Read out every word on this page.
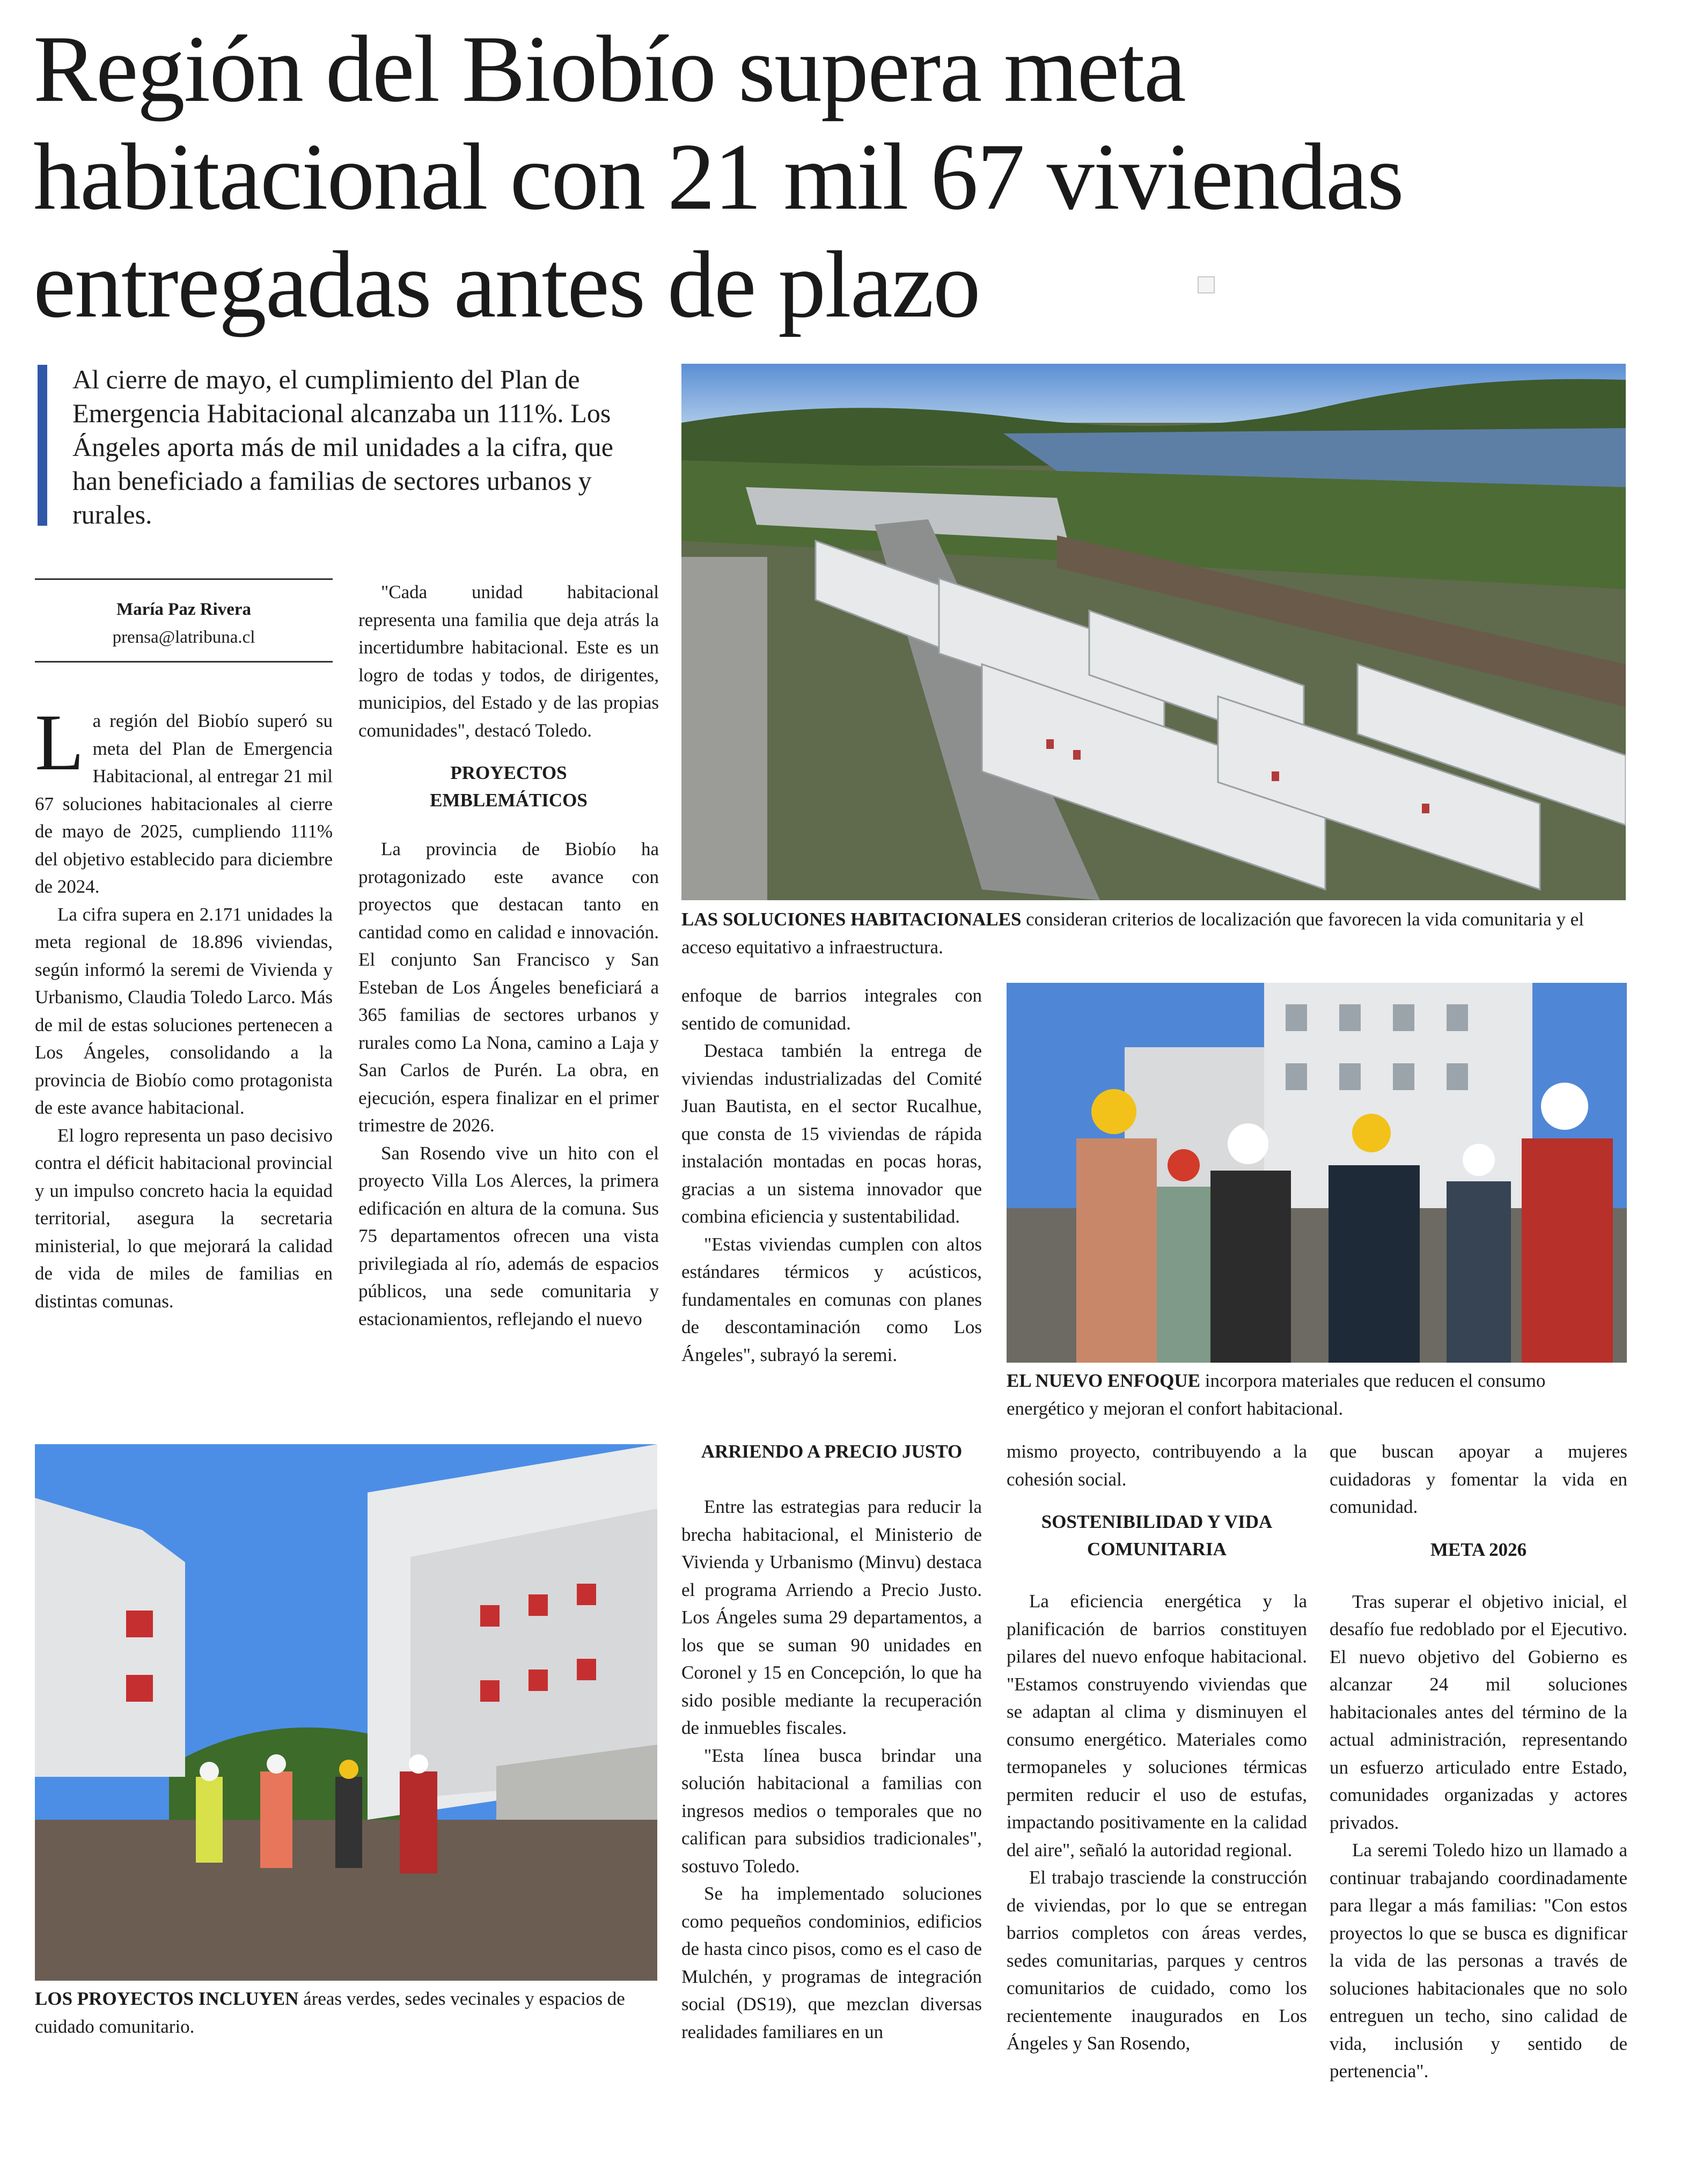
Región del Biobío supera meta
habitacional con 21 mil 67 viviendas
entregadas antes de plazo

Al cierre de mayo, el cumplimiento del Plan de Emergencia Habitacional alcanzaba un 111%. Los Ángeles aporta más de mil unidades a la cifra, que han beneficiado a familias de sectores urbanos y rurales.

María Paz Rivera
prensa@latribuna.cl

La región del Biobío superó su meta del Plan de Emergencia Habitacional, al entregar 21 mil 67 soluciones habitacionales al cierre de mayo de 2025, cumpliendo 111% del objetivo establecido para diciembre de 2024.

La cifra supera en 2.171 unidades la meta regional de 18.896 viviendas, según informó la seremi de Vivienda y Urbanismo, Claudia Toledo Larco. Más de mil de estas soluciones pertenecen a Los Ángeles, consolidando a la provincia de Biobío como protagonista de este avance habitacional.

El logro representa un paso decisivo contra el déficit habitacional provincial y un impulso concreto hacia la equidad territorial, asegura la secretaria ministerial, lo que mejorará la calidad de vida de miles de familias en distintas comunas.

"Cada unidad habitacional representa una familia que deja atrás la incertidumbre habitacional. Este es un logro de todas y todos, de dirigentes, municipios, del Estado y de las propias comunidades", destacó Toledo.

PROYECTOS EMBLEMÁTICOS

La provincia de Biobío ha protagonizado este avance con proyectos que destacan tanto en cantidad como en calidad e innovación. El conjunto San Francisco y San Esteban de Los Ángeles beneficiará a 365 familias de sectores urbanos y rurales como La Nona, camino a Laja y San Carlos de Purén. La obra, en ejecución, espera finalizar en el primer trimestre de 2026.

San Rosendo vive un hito con el proyecto Villa Los Alerces, la primera edificación en altura de la comuna. Sus 75 departamentos ofrecen una vista privilegiada al río, además de espacios públicos, una sede comunitaria y estacionamientos, reflejando el nuevo

LAS SOLUCIONES HABITACIONALES consideran criterios de localización que favorecen la vida comunitaria y el acceso equitativo a infraestructura.

enfoque de barrios integrales con sentido de comunidad.

Destaca también la entrega de viviendas industrializadas del Comité Juan Bautista, en el sector Rucalhue, que consta de 15 viviendas de rápida instalación montadas en pocas horas, gracias a un sistema innovador que combina eficiencia y sustentabilidad.

"Estas viviendas cumplen con altos estándares térmicos y acústicos, fundamentales en comunas con planes de descontaminación como Los Ángeles", subrayó la seremi.

EL NUEVO ENFOQUE incorpora materiales que reducen el consumo energético y mejoran el confort habitacional.
LOS PROYECTOS INCLUYEN áreas verdes, sedes vecinales y espacios de cuidado comunitario.
ARRIENDO A PRECIO JUSTO

Entre las estrategias para reducir la brecha habitacional, el Ministerio de Vivienda y Urbanismo (Minvu) destaca el programa Arriendo a Precio Justo. Los Ángeles suma 29 departamentos, a los que se suman 90 unidades en Coronel y 15 en Concepción, lo que ha sido posible mediante la recuperación de inmuebles fiscales.

"Esta línea busca brindar una solución habitacional a familias con ingresos medios o temporales que no califican para subsidios tradicionales", sostuvo Toledo.

Se ha implementado soluciones como pequeños condominios, edificios de hasta cinco pisos, como es el caso de Mulchén, y programas de integración social (DS19), que mezclan diversas realidades familiares en un

mismo proyecto, contribuyendo a la cohesión social.

SOSTENIBILIDAD Y VIDA COMUNITARIA

La eficiencia energética y la planificación de barrios constituyen pilares del nuevo enfoque habitacional. "Estamos construyendo viviendas que se adaptan al clima y disminuyen el consumo energético. Materiales como termopaneles y soluciones térmicas permiten reducir el uso de estufas, impactando positivamente en la calidad del aire", señaló la autoridad regional.

El trabajo trasciende la construcción de viviendas, por lo que se entregan barrios completos con áreas verdes, sedes comunitarias, parques y centros comunitarios de cuidado, como los recientemente inaugurados en Los Ángeles y San Rosendo,

que buscan apoyar a mujeres cuidadoras y fomentar la vida en comunidad.

META 2026

Tras superar el objetivo inicial, el desafío fue redoblado por el Ejecutivo. El nuevo objetivo del Gobierno es alcanzar 24 mil soluciones habitacionales antes del término de la actual administración, representando un esfuerzo articulado entre Estado, comunidades organizadas y actores privados.

La seremi Toledo hizo un llamado a continuar trabajando coordinadamente para llegar a más familias: "Con estos proyectos lo que se busca es dignificar la vida de las personas a través de soluciones habitacionales que no solo entreguen un techo, sino calidad de vida, inclusión y sentido de pertenencia".
